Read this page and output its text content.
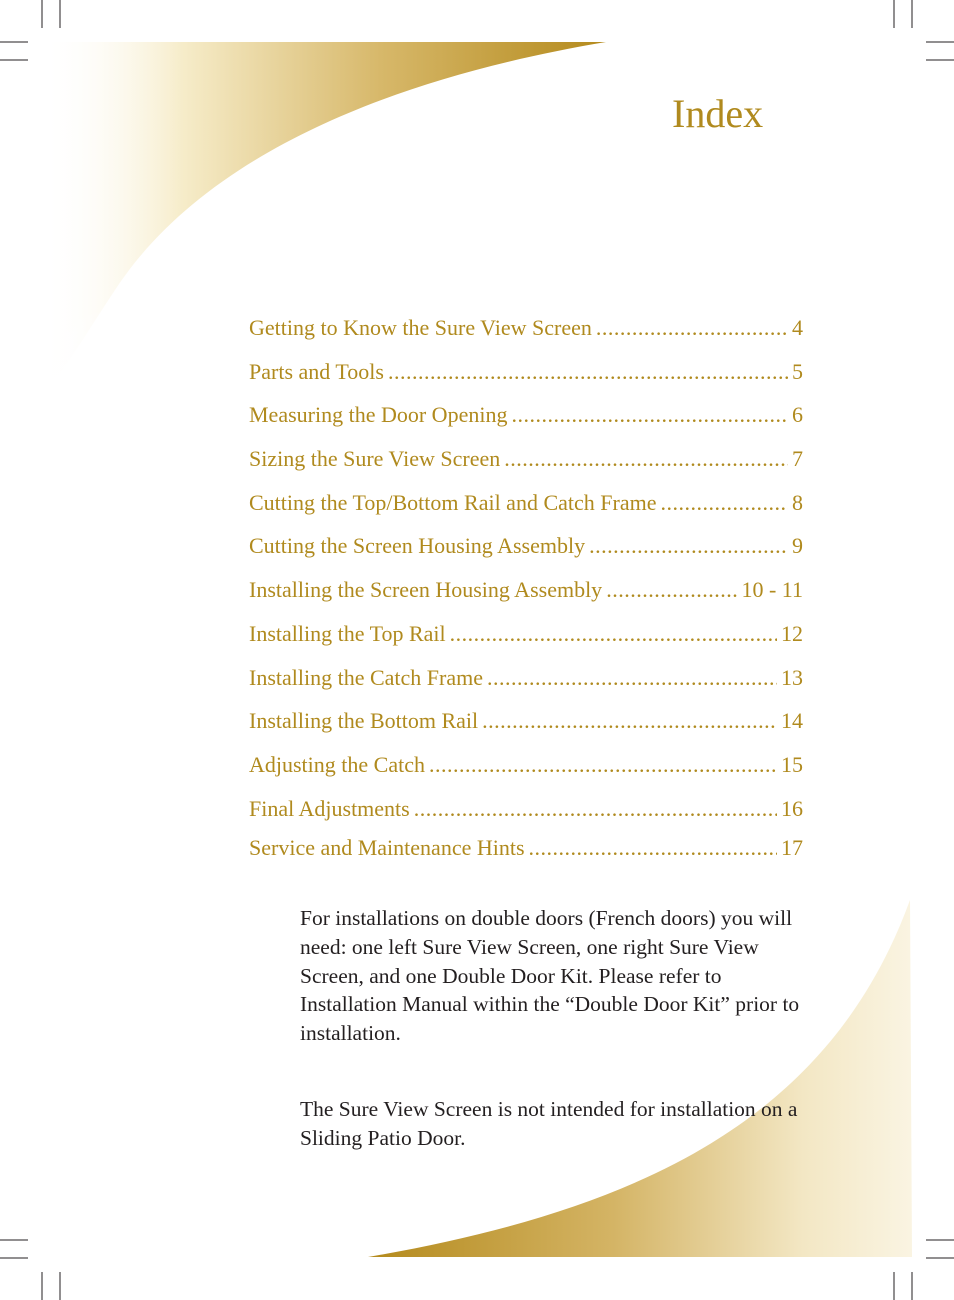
Index
Getting to Know the Sure View Screen .....	4
Parts and Tools .....	5
Measuring the Door Opening .....	6
Sizing the Sure View Screen .....	7
Cutting the Top/Bottom Rail and Catch Frame .....	8
Cutting the Screen Housing Assembly .....	9
Installing the Screen Housing Assembly .....	10 - 11
Installing the Top Rail .....	12
Installing the Catch Frame .....	13
Installing the Bottom Rail .....	14
Adjusting the Catch .....	15
Final Adjustments .....	16
Service and Maintenance Hints .....	17

For installations on double doors (French doors) you will need: one left Sure View Screen, one right Sure View Screen, and one Double Door Kit. Please refer to Installation Manual within the “Double Door Kit” prior to installation.

The Sure View Screen is not intended for installation on a Sliding Patio Door.
